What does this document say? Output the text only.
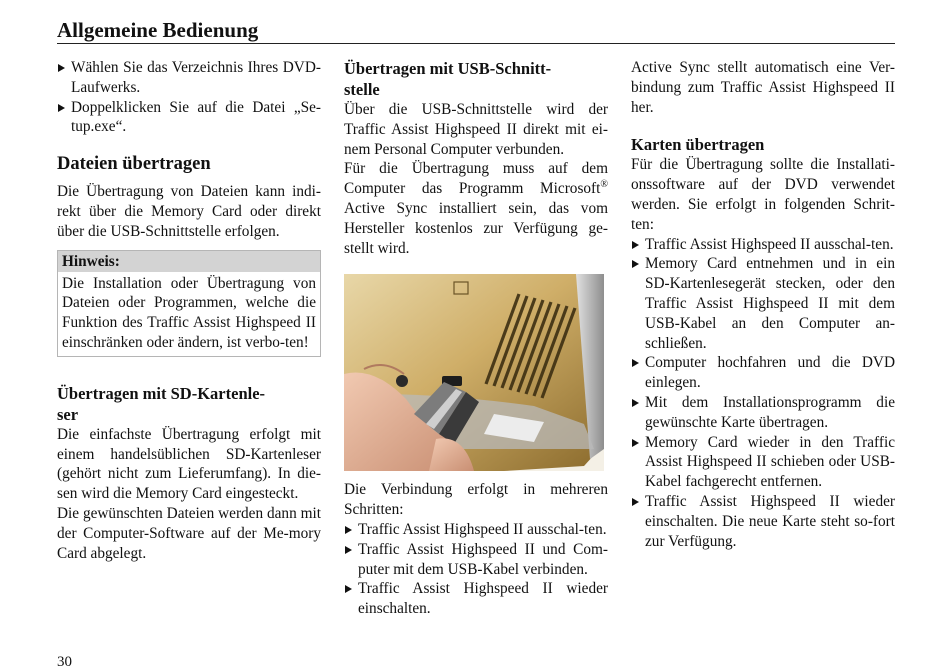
Allgemeine Bedienung
Wählen Sie das Verzeichnis Ihres DVD-Laufwerks.
Doppelklicken Sie auf die Datei „Se-tup.exe“.
Dateien übertragen

Die Übertragung von Dateien kann indi-rekt über die Memory Card oder direkt über die USB-Schnittstelle erfolgen.

Hinweis:
Die Installation oder Übertragung von Dateien oder Programmen, welche die Funktion des Traffic Assist Highspeed II einschränken oder ändern, ist verbo-ten!
Übertragen mit SD-Kartenle-
ser

Die einfachste Übertragung erfolgt mit einem handelsüblichen SD-Kartenleser (gehört nicht zum Lieferumfang). In die-sen wird die Memory Card eingesteckt.

Die gewünschten Dateien werden dann mit der Computer-Software auf der Me-mory Card abgelegt.

Übertragen mit USB-Schnitt-
stelle

Über die USB-Schnittstelle wird der Traffic Assist Highspeed II direkt mit ei-nem Personal Computer verbunden.

Für die Übertragung muss auf dem Computer das Programm Microsoft® Active Sync installiert sein, das vom Hersteller kostenlos zur Verfügung ge-stellt wird.

Die Verbindung erfolgt in mehreren Schritten:

Traffic Assist Highspeed II ausschal-ten.
Traffic Assist Highspeed II und Com-puter mit dem USB-Kabel verbinden.
Traffic Assist Highspeed II wieder einschalten.

Active Sync stellt automatisch eine Ver-bindung zum Traffic Assist Highspeed II her.

Karten übertragen

Für die Übertragung sollte die Installati-onssoftware auf der DVD verwendet werden. Sie erfolgt in folgenden Schrit-ten:

Traffic Assist Highspeed II ausschal-ten.
Memory Card entnehmen und in ein SD-Kartenlesegerät stecken, oder den Traffic Assist Highspeed II mit dem USB-Kabel an den Computer an-schließen.
Computer hochfahren und die DVD einlegen.
Mit dem Installationsprogramm die gewünschte Karte übertragen.
Memory Card wieder in den Traffic Assist Highspeed II schieben oder USB-Kabel fachgerecht entfernen.
Traffic Assist Highspeed II wieder einschalten. Die neue Karte steht so-fort zur Verfügung.
30
